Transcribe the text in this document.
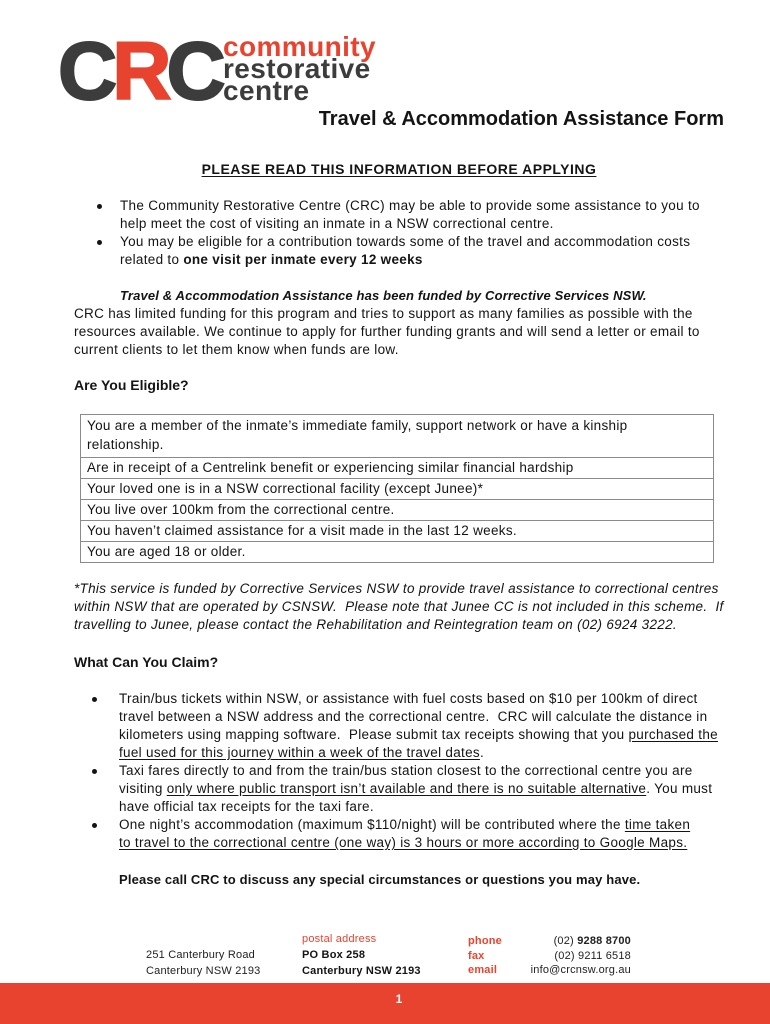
CRC community
restorative
centre
Travel & Accommodation Assistance Form
PLEASE READ THIS INFORMATION BEFORE APPLYING
The Community Restorative Centre (CRC) may be able to provide some assistance to you to
help meet the cost of visiting an inmate in a NSW correctional centre.
You may be eligible for a contribution towards some of the travel and accommodation costs
related to one visit per inmate every 12 weeks
Travel & Accommodation Assistance has been funded by Corrective Services NSW.
CRC has limited funding for this program and tries to support as many families as possible with the
resources available. We continue to apply for further funding grants and will send a letter or email to
current clients to let them know when funds are low.
Are You Eligible?
You are a member of the inmate’s immediate family, support network or have a kinship
relationship.
Are in receipt of a Centrelink benefit or experiencing similar financial hardship
Your loved one is in a NSW correctional facility (except Junee)*
You live over 100km from the correctional centre.
You haven’t claimed assistance for a visit made in the last 12 weeks.
You are aged 18 or older.
*This service is funded by Corrective Services NSW to provide travel assistance to correctional centres
within NSW that are operated by CSNSW.  Please note that Junee CC is not included in this scheme.  If
travelling to Junee, please contact the Rehabilitation and Reintegration team on (02) 6924 3222.
What Can You Claim?
Train/bus tickets within NSW, or assistance with fuel costs based on $10 per 100km of direct
travel between a NSW address and the correctional centre.  CRC will calculate the distance in
kilometers using mapping software.  Please submit tax receipts showing that you purchased the
fuel used for this journey within a week of the travel dates.
Taxi fares directly to and from the train/bus station closest to the correctional centre you are
visiting only where public transport isn’t available and there is no suitable alternative. You must
have official tax receipts for the taxi fare.
One night’s accommodation (maximum $110/night) will be contributed where the time taken
to travel to the correctional centre (one way) is 3 hours or more according to Google Maps.
Please call CRC to discuss any special circumstances or questions you may have.
251 Canterbury Road
Canterbury NSW 2193
postal address
PO Box 258
Canterbury NSW 2193
phone
fax
email
(02) 9288 8700
(02) 9211 6518
info@crcnsw.org.au
1
